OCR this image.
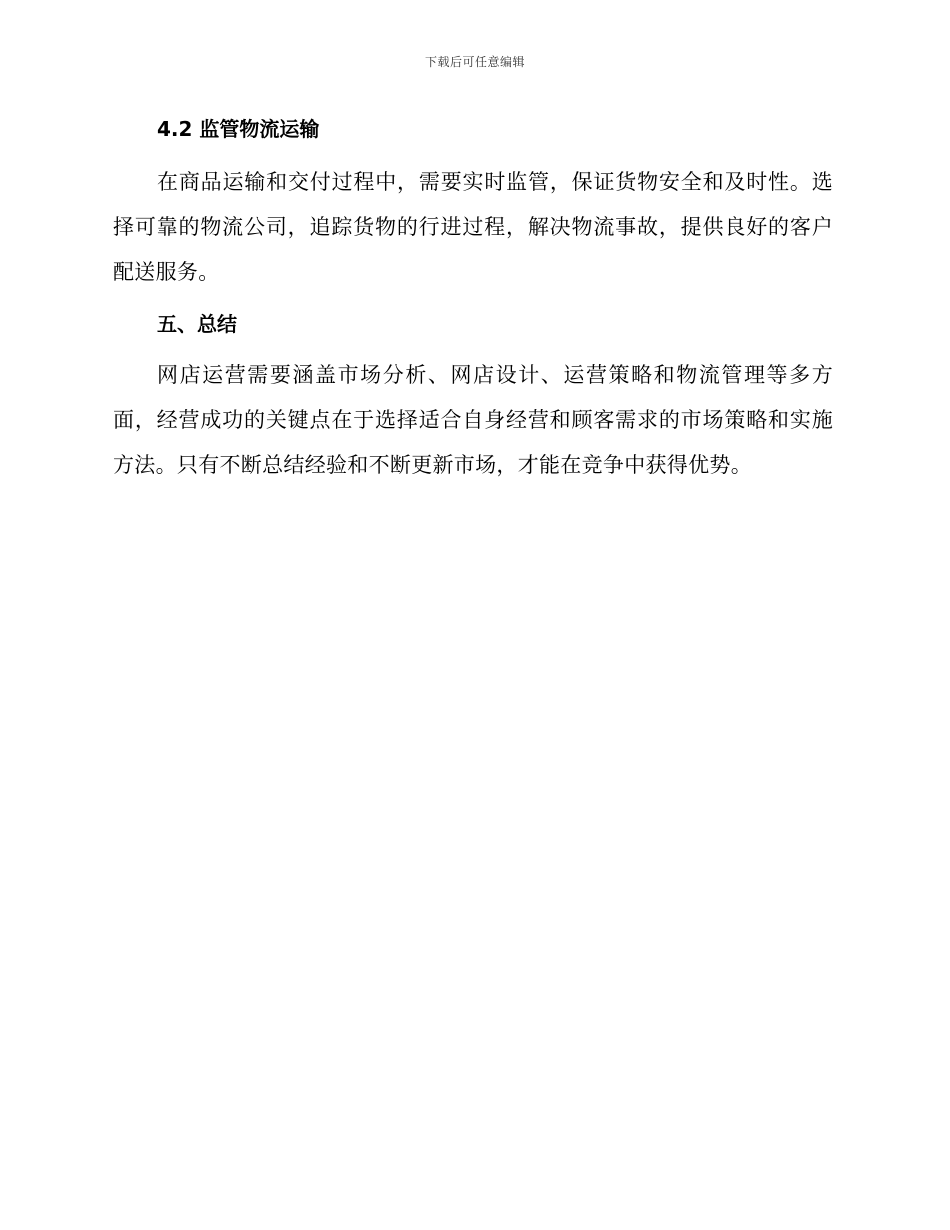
下载后可任意编辑
4.2 监管物流运输

在商品运输和交付过程中，需要实时监管，保证货物安全和及时性。选择可靠的物流公司，追踪货物的行进过程，解决物流事故，提供良好的客户配送服务。

五、总结

网店运营需要涵盖市场分析、网店设计、运营策略和物流管理等多方面，经营成功的关键点在于选择适合自身经营和顾客需求的市场策略和实施方法。只有不断总结经验和不断更新市场，才能在竞争中获得优势。
